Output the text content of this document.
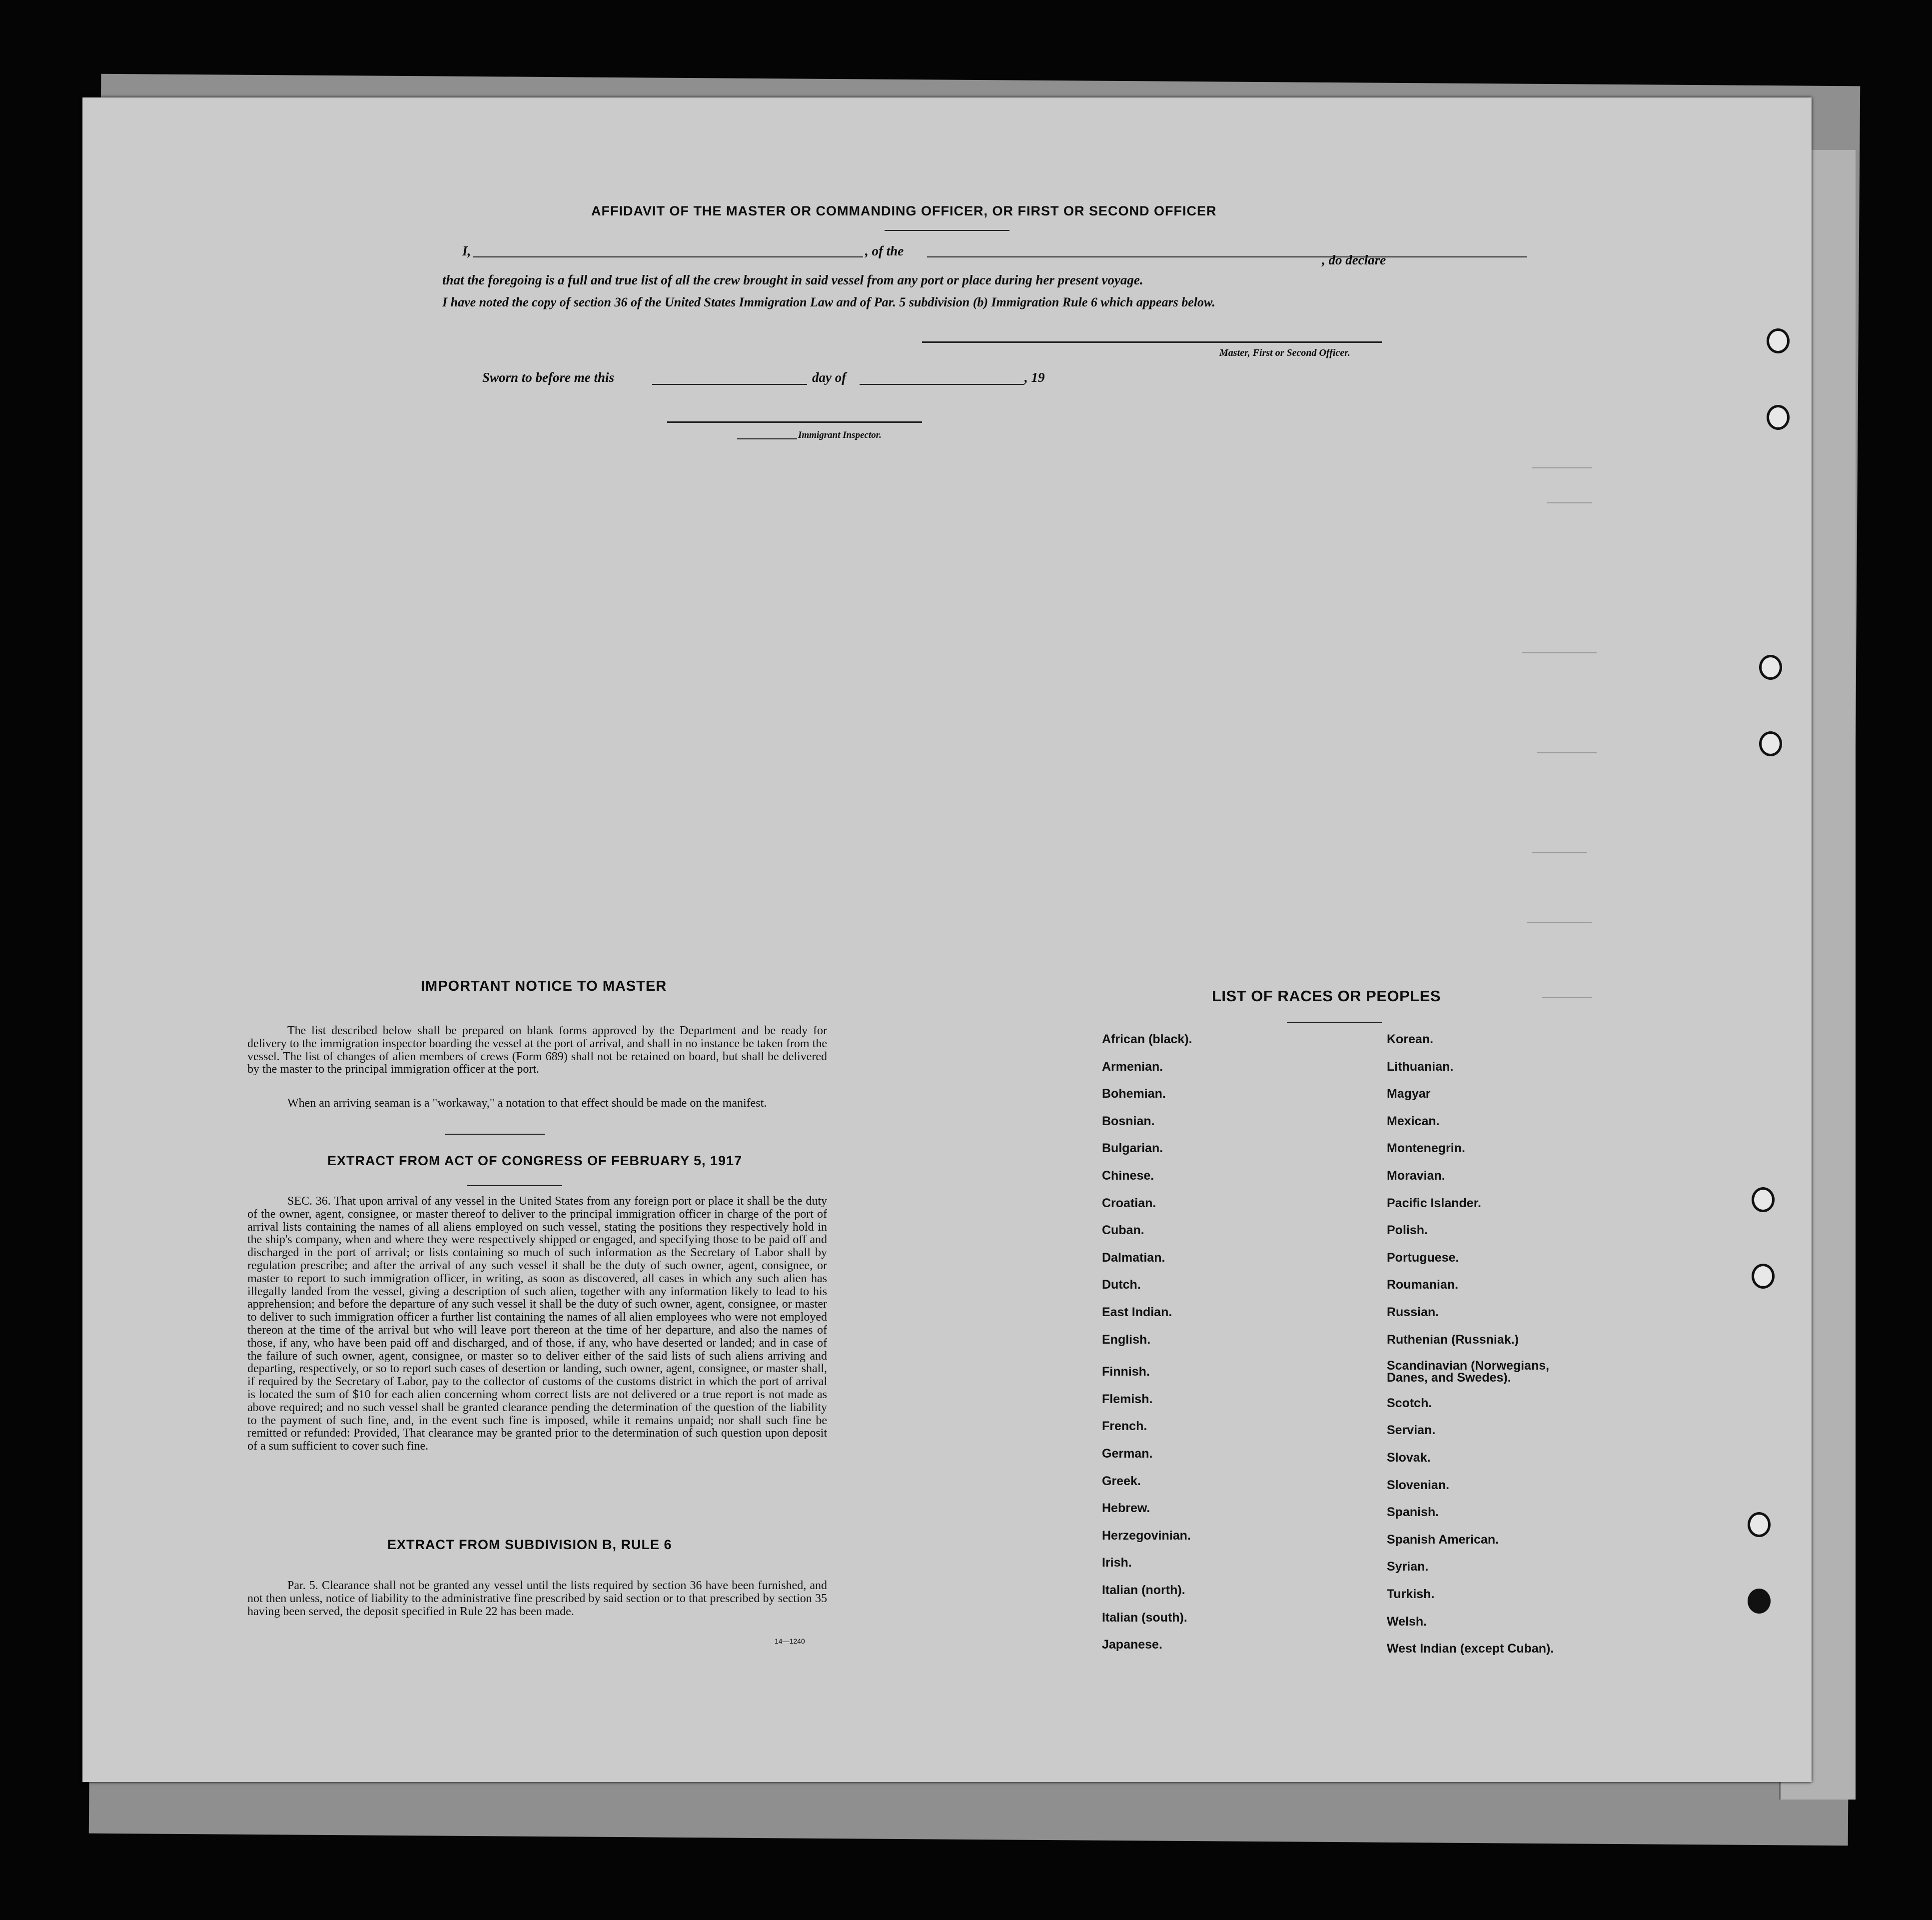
AFFIDAVIT OF THE MASTER OR COMMANDING OFFICER, OR FIRST OR SECOND OFFICER
I,	, of the
that the foregoing is a full and true list of all the crew brought in said vessel from any port or place during her present voyage.
, do declare
I have noted the copy of section 36 of the United States Immigration Law and of Par. 5 subdivision (b) Immigration Rule 6 which appears below.
Master, First or Second Officer.
Sworn to before me this	day of	, 19
Immigrant Inspector.
IMPORTANT NOTICE TO MASTER
The list described below shall be prepared on blank forms approved by the Department and be ready for delivery to the immigration inspector boarding the vessel at the port of arrival, and shall in no instance be taken from the vessel. The list of changes of alien members of crews (Form 689) shall not be retained on board, but shall be delivered by the master to the principal immigration officer at the port.
When an arriving seaman is a "workaway," a notation to that effect should be made on the manifest.
EXTRACT FROM ACT OF CONGRESS OF FEBRUARY 5, 1917
SEC. 36. That upon arrival of any vessel in the United States from any foreign port or place it shall be the duty of the owner, agent, consignee, or master thereof to deliver to the principal immigration officer in charge of the port of arrival lists containing the names of all aliens employed on such vessel, stating the positions they respectively hold in the ship's company, when and where they were respectively shipped or engaged, and specifying those to be paid off and discharged in the port of arrival; or lists containing so much of such information as the Secretary of Labor shall by regulation prescribe; and after the arrival of any such vessel it shall be the duty of such owner, agent, consignee, or master to report to such immigration officer, in writing, as soon as discovered, all cases in which any such alien has illegally landed from the vessel, giving a description of such alien, together with any information likely to lead to his apprehension; and before the departure of any such vessel it shall be the duty of such owner, agent, consignee, or master to deliver to such immigration officer a further list containing the names of all alien employees who were not employed thereon at the time of the arrival but who will leave port thereon at the time of her departure, and also the names of those, if any, who have been paid off and discharged, and of those, if any, who have deserted or landed; and in case of the failure of such owner, agent, consignee, or master so to deliver either of the said lists of such aliens arriving and departing, respectively, or so to report such cases of desertion or landing, such owner, agent, consignee, or master shall, if required by the Secretary of Labor, pay to the collector of customs of the customs district in which the port of arrival is located the sum of $10 for each alien concerning whom correct lists are not delivered or a true report is not made as above required; and no such vessel shall be granted clearance pending the determination of the question of the liability to the payment of such fine, and, in the event such fine is imposed, while it remains unpaid; nor shall such fine be remitted or refunded: Provided, That clearance may be granted prior to the determination of such question upon deposit of a sum sufficient to cover such fine.
EXTRACT FROM SUBDIVISION B, RULE 6
Par. 5. Clearance shall not be granted any vessel until the lists required by section 36 have been furnished, and not then unless, notice of liability to the administrative fine prescribed by said section or to that prescribed by section 35 having been served, the deposit specified in Rule 22 has been made.
14—1240
LIST OF RACES OR PEOPLES
African (black).
Armenian.
Bohemian.
Bosnian.
Bulgarian.
Chinese.
Croatian.
Cuban.
Dalmatian.
Dutch.
East Indian.
English.
Finnish.
Flemish.
French.
German.
Greek.
Hebrew.
Herzegovinian.
Irish.
Italian (north).
Italian (south).
Japanese.
Korean.
Lithuanian.
Magyar
Mexican.
Montenegrin.
Moravian.
Pacific Islander.
Polish.
Portuguese.
Roumanian.
Russian.
Ruthenian (Russniak.)
Scandinavian (Norwegians, Danes, and Swedes).
Scotch.
Servian.
Slovak.
Slovenian.
Spanish.
Spanish American.
Syrian.
Turkish.
Welsh.
West Indian (except Cuban).
